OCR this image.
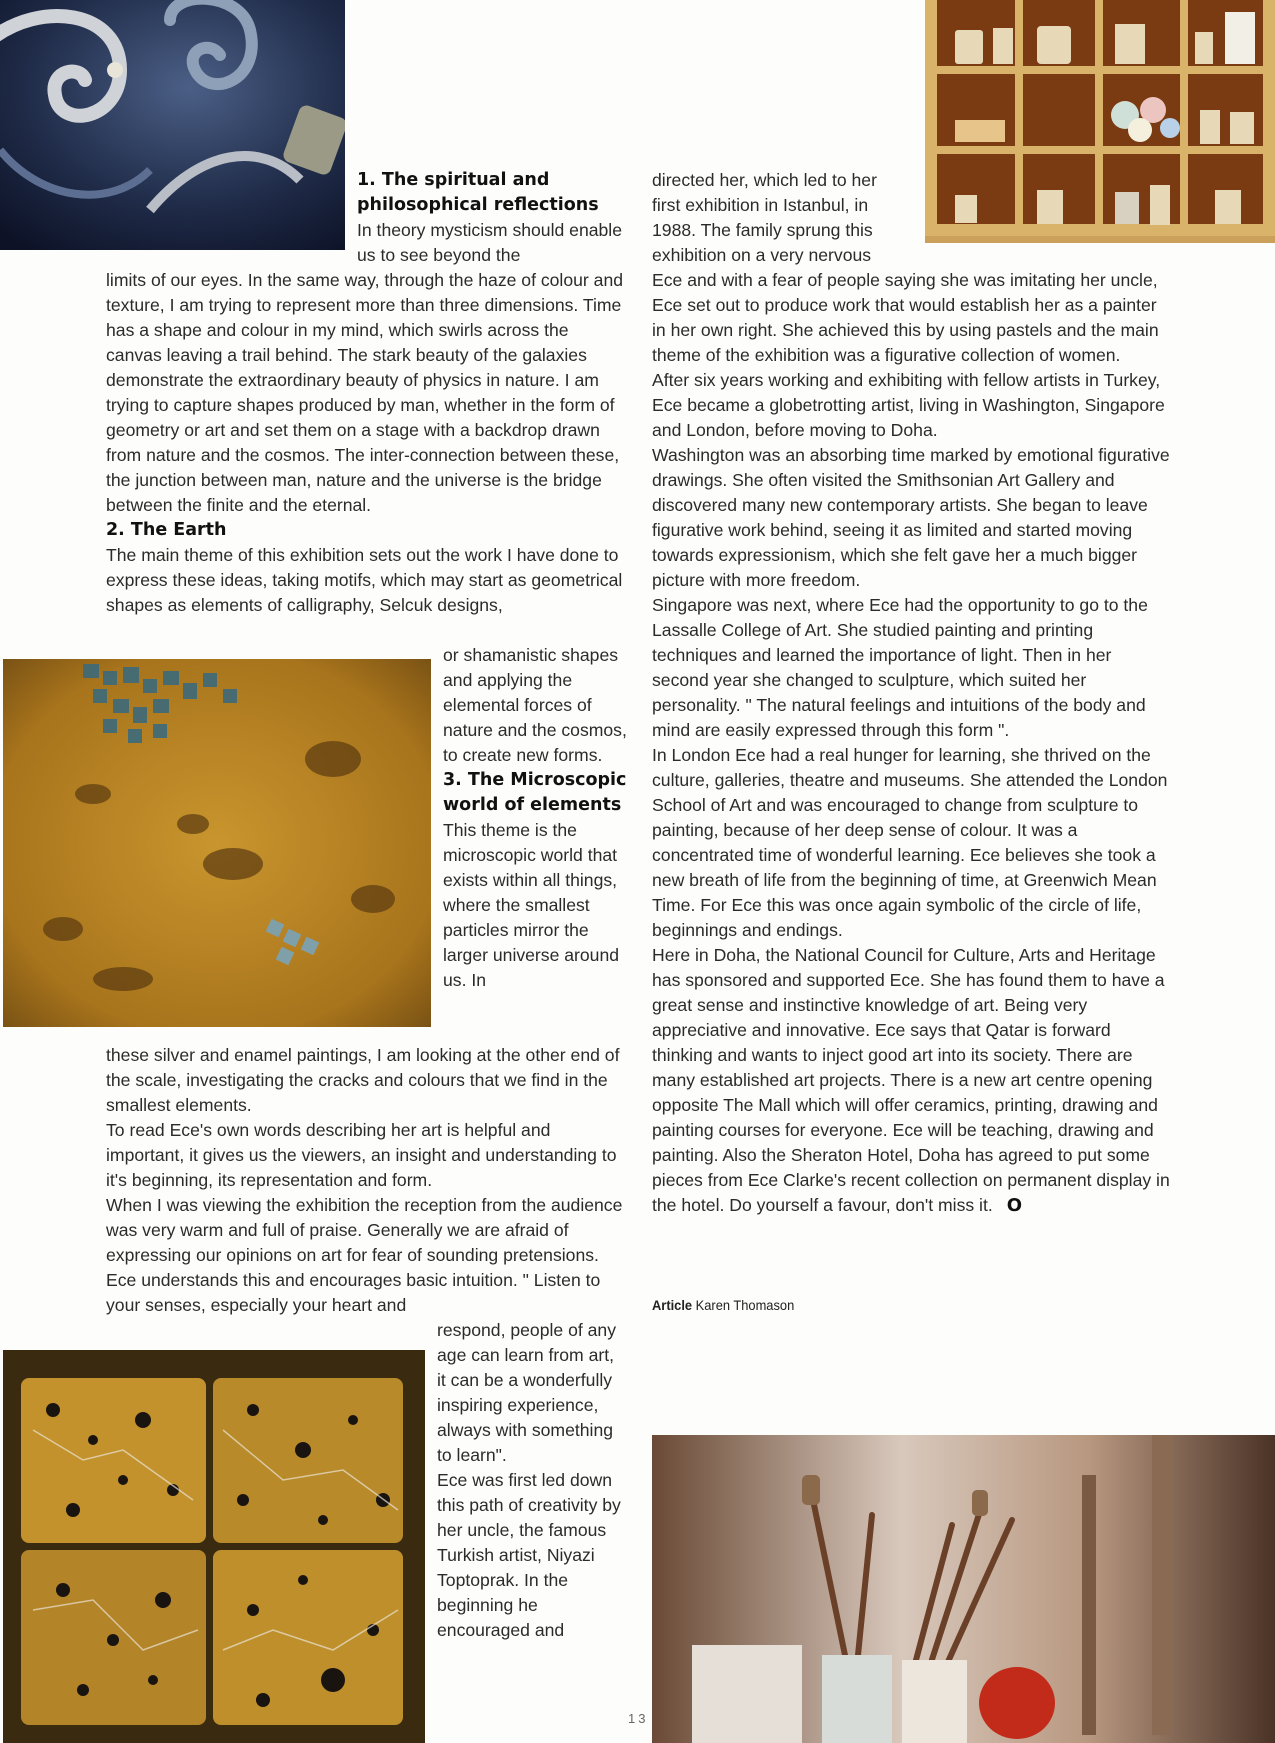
1. The spiritual and philosophical reflections

In theory mysticism should enable us to see beyond the

limits of our eyes. In the same way, through the haze of colour and texture, I am trying to represent more than three dimensions. Time has a shape and colour in my mind, which swirls across the canvas leaving a trail behind. The stark beauty of the galaxies demonstrate the extraordinary beauty of physics in nature. I am trying to capture shapes produced by man, whether in the form of geometry or art and set them on a stage with a backdrop drawn from nature and the cosmos. The inter-connection between these, the junction between man, nature and the universe is the bridge between the finite and the eternal.

2. The Earth

The main theme of this exhibition sets out the work I have done to express these ideas, taking motifs, which may start as geometrical shapes as elements of calligraphy, Selcuk designs,

or shamanistic shapes and applying the elemental forces of nature and the cosmos, to create new forms.

3. The Microscopic world of elements

This theme is the microscopic world that exists within all things, where the smallest particles mirror the larger universe around us. In

these silver and enamel paintings, I am looking at the other end of the scale, investigating the cracks and colours that we find in the smallest elements.

To read Ece's own words describing her art is helpful and important, it gives us the viewers, an insight and understanding to it's beginning, its representation and form.

When I was viewing the exhibition the reception from the audience was very warm and full of praise. Generally we are afraid of expressing our opinions on art for fear of sounding pretensions. Ece understands this and encourages basic intuition. " Listen to your senses, especially your heart and

respond, people of any age can learn from art, it can be a wonderfully inspiring experience, always with something to learn".

Ece was first led down this path of creativity by her uncle, the famous Turkish artist, Niyazi Toptoprak. In the beginning he encouraged and

directed her, which led to her first exhibition in Istanbul, in 1988. The family sprung this exhibition on a very nervous

Ece and with a fear of people saying she was imitating her uncle, Ece set out to produce work that would establish her as a painter in her own right. She achieved this by using pastels and the main theme of the exhibition was a figurative collection of women.

After six years working and exhibiting with fellow artists in Turkey, Ece became a globetrotting artist, living in Washington, Singapore and London, before moving to Doha.

Washington was an absorbing time marked by emotional figurative drawings. She often visited the Smithsonian Art Gallery and discovered many new contemporary artists. She began to leave figurative work behind, seeing it as limited and started moving towards expressionism, which she felt gave her a much bigger picture with more freedom.

Singapore was next, where Ece had the opportunity to go to the Lassalle College of Art. She studied painting and printing techniques and learned the importance of light. Then in her second year she changed to sculpture, which suited her personality. " The natural feelings and intuitions of the body and mind are easily expressed through this form ".

In London Ece had a real hunger for learning, she thrived on the culture, galleries, theatre and museums. She attended the London School of Art and was encouraged to change from sculpture to painting, because of her deep sense of colour. It was a concentrated time of wonderful learning. Ece believes she took a new breath of life from the beginning of time, at Greenwich Mean Time. For Ece this was once again symbolic of the circle of life, beginnings and endings.

Here in Doha, the National Council for Culture, Arts and Heritage has sponsored and supported Ece. She has found them to have a great sense and instinctive knowledge of art. Being very appreciative and innovative. Ece says that Qatar is forward thinking and wants to inject good art into its society. There are many established art projects. There is a new art centre opening opposite The Mall which will offer ceramics, printing, drawing and painting courses for everyone. Ece will be teaching, drawing and painting. Also the Sheraton Hotel, Doha has agreed to put some pieces from Ece Clarke's recent collection on permanent display in the hotel. Do yourself a favour, don't miss it. O

Article Karen Thomason
13
